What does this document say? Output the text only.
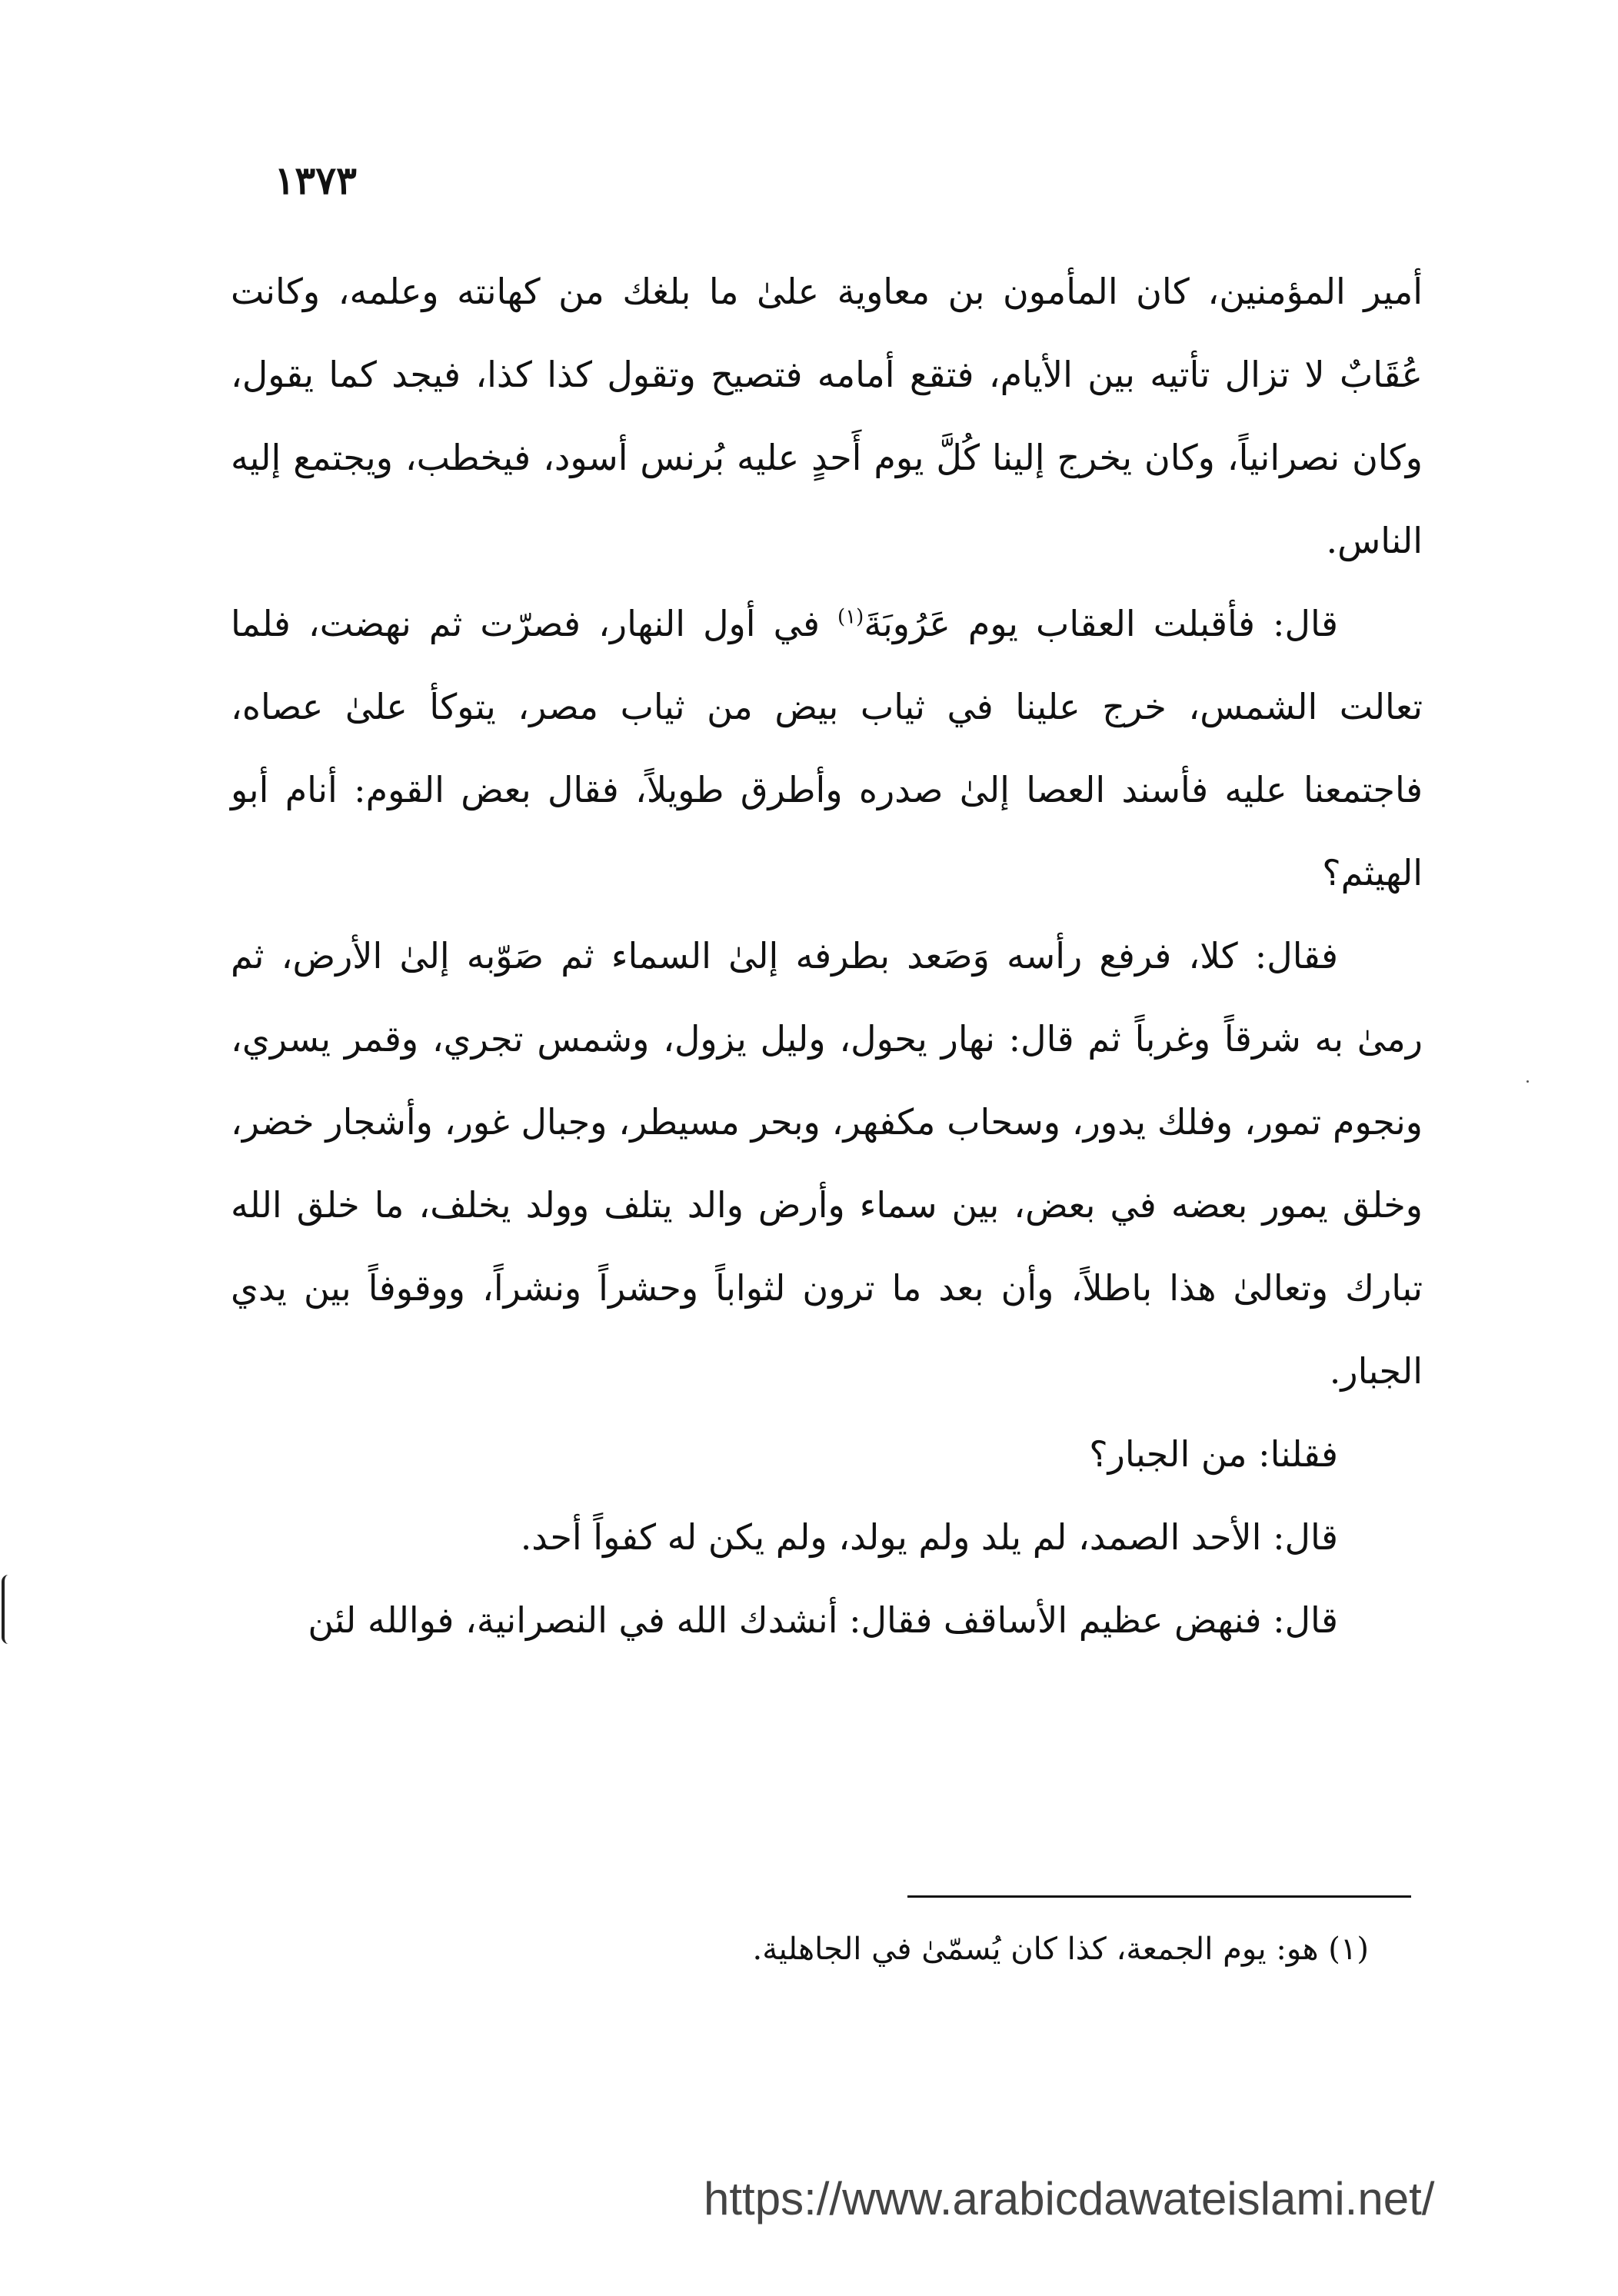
١٣٧٣

أمير المؤمنين، كان المأمون بن معاوية علىٰ ما بلغك من كهانته وعلمه، وكانت عُقَابٌ لا تزال تأتيه بين الأيام، فتقع أمامه فتصيح وتقول كذا كذا، فيجد كما يقول، وكان نصرانياً، وكان يخرج إلينا كُلَّ يوم أَحدٍ عليه بُرنس أسود، فيخطب، ويجتمع إليه الناس.

قال: فأقبلت العقاب يوم عَرُوبَةَ$^{(١)}$ في أول النهار، فصرّت ثم نهضت، فلما تعالت الشمس، خرج علينا في ثياب بيض من ثياب مصر، يتوكأ علىٰ عصاه، فاجتمعنا عليه فأسند العصا إلىٰ صدره وأطرق طويلاً، فقال بعض القوم: أنام أبو الهيثم؟

فقال: كلا، فرفع رأسه وَصَعد بطرفه إلىٰ السماء ثم صَوّبه إلىٰ الأرض، ثم رمىٰ به شرقاً وغرباً ثم قال: نهار يحول، وليل يزول، وشمس تجري، وقمر يسري، ونجوم تمور، وفلك يدور، وسحاب مكفهر، وبحر مسيطر، وجبال غور، وأشجار خضر، وخلق يمور بعضه في بعض، بين سماء وأرض والد يتلف وولد يخلف، ما خلق الله تبارك وتعالىٰ هذا باطلاً، وأن بعد ما ترون لثواباً وحشراً ونشراً، ووقوفاً بين يدي الجبار.

فقلنا: من الجبار؟

قال: الأحد الصمد، لم يلد ولم يولد، ولم يكن له كفواً أحد.

قال: فنهض عظيم الأساقف فقال: أنشدك الله في النصرانية، فوالله لئن

(١) هو: يوم الجمعة، كذا كان يُسمّىٰ في الجاهلية.
https://www.arabicdawateislami.net/
